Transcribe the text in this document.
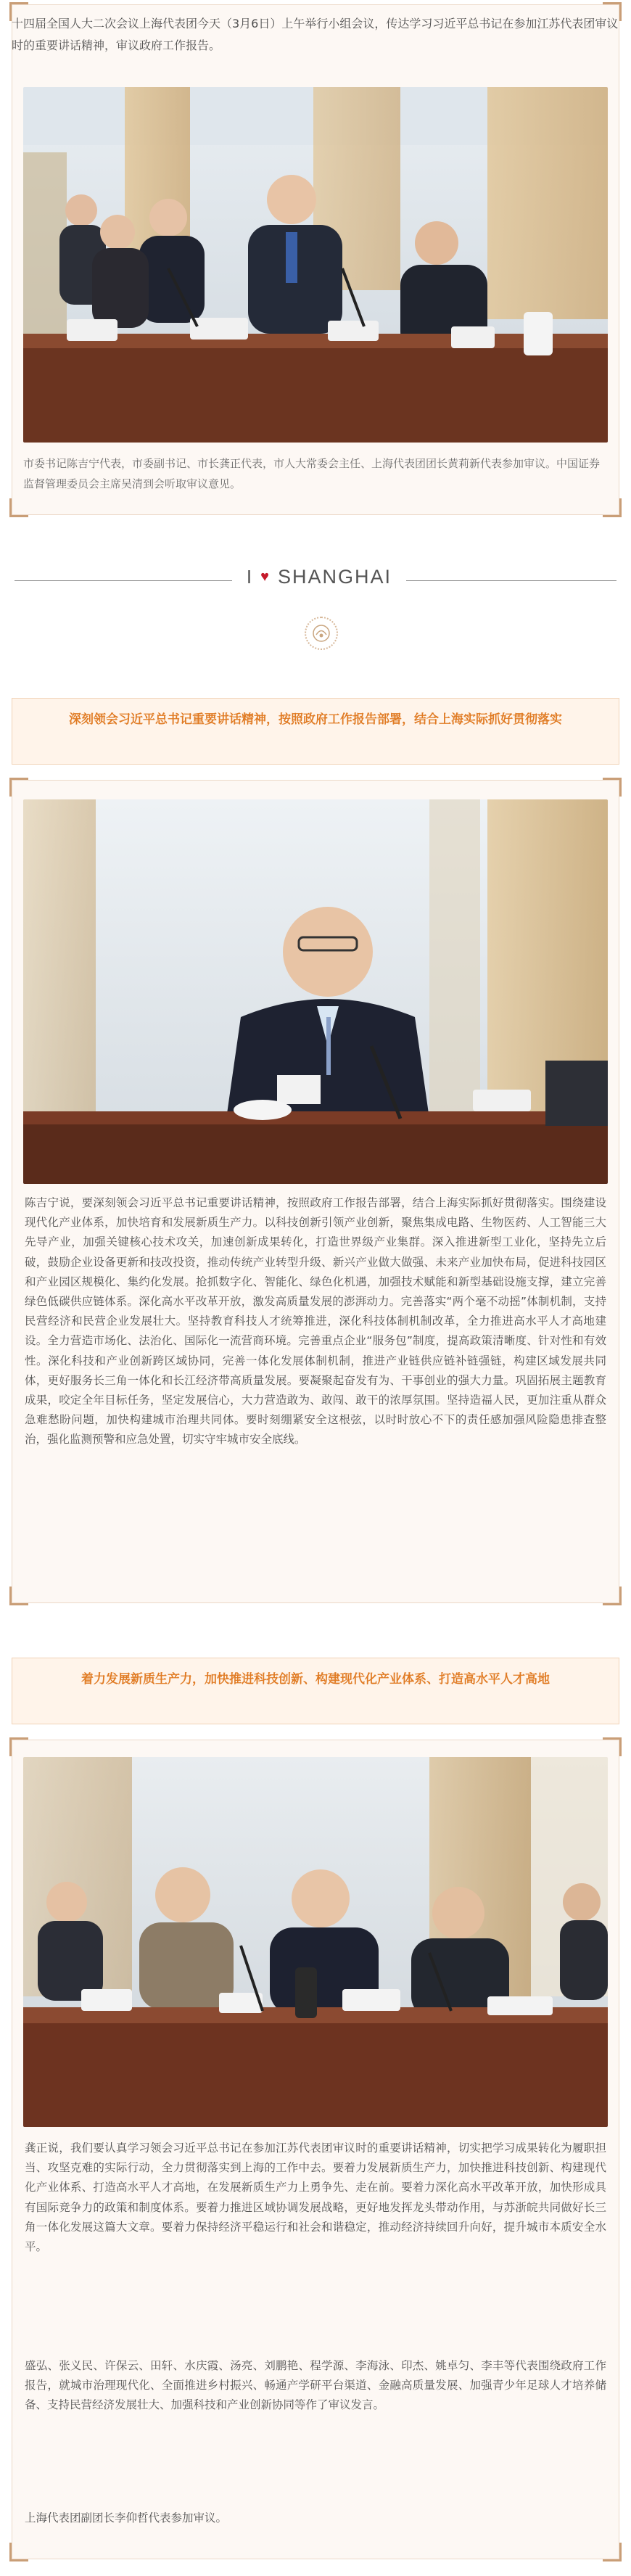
十四届全国人大二次会议上海代表团今天（3月6日）上午举行小组会议，传达学习习近平总书记在参加江苏代表团审议时的重要讲话精神，审议政府工作报告。
市委书记陈吉宁代表，市委副书记、市长龚正代表，市人大常委会主任、上海代表团团长黄莉新代表参加审议。中国证券监督管理委员会主席吴清到会听取审议意见。
I ♥ SHANGHAI
深刻领会习近平总书记重要讲话精神，按照政府工作报告部署，结合上海实际抓好贯彻落实
陈吉宁说，要深刻领会习近平总书记重要讲话精神，按照政府工作报告部署，结合上海实际抓好贯彻落实。围绕建设现代化产业体系，加快培育和发展新质生产力。以科技创新引领产业创新，聚焦集成电路、生物医药、人工智能三大先导产业，加强关键核心技术攻关，加速创新成果转化，打造世界级产业集群。深入推进新型工业化，坚持先立后破，鼓励企业设备更新和技改投资，推动传统产业转型升级、新兴产业做大做强、未来产业加快布局，促进科技园区和产业园区规模化、集约化发展。抢抓数字化、智能化、绿色化机遇，加强技术赋能和新型基础设施支撑，建立完善绿色低碳供应链体系。深化高水平改革开放，激发高质量发展的澎湃动力。完善落实“两个毫不动摇”体制机制，支持民营经济和民营企业发展壮大。坚持教育科技人才统筹推进，深化科技体制机制改革，全力推进高水平人才高地建设。全力营造市场化、法治化、国际化一流营商环境。完善重点企业“服务包”制度，提高政策清晰度、针对性和有效性。深化科技和产业创新跨区域协同，完善一体化发展体制机制，推进产业链供应链补链强链，构建区域发展共同体，更好服务长三角一体化和长江经济带高质量发展。要凝聚起奋发有为、干事创业的强大力量。巩固拓展主题教育成果，咬定全年目标任务，坚定发展信心，大力营造敢为、敢闯、敢干的浓厚氛围。坚持造福人民，更加注重从群众急难愁盼问题，加快构建城市治理共同体。要时刻绷紧安全这根弦，以时时放心不下的责任感加强风险隐患排查整治，强化监测预警和应急处置，切实守牢城市安全底线。
着力发展新质生产力，加快推进科技创新、构建现代化产业体系、打造高水平人才高地
龚正说，我们要认真学习领会习近平总书记在参加江苏代表团审议时的重要讲话精神，切实把学习成果转化为履职担当、攻坚克难的实际行动，全力贯彻落实到上海的工作中去。要着力发展新质生产力，加快推进科技创新、构建现代化产业体系、打造高水平人才高地，在发展新质生产力上勇争先、走在前。要着力深化高水平改革开放，加快形成具有国际竞争力的政策和制度体系。要着力推进区域协调发展战略，更好地发挥龙头带动作用，与苏浙皖共同做好长三角一体化发展这篇大文章。要着力保持经济平稳运行和社会和谐稳定，推动经济持续回升向好，提升城市本质安全水平。
盛弘、张义民、许保云、田轩、水庆霞、汤亮、刘鹏艳、程学源、李海泳、印杰、姚卓匀、李丰等代表围绕政府工作报告，就城市治理现代化、全面推进乡村振兴、畅通产学研平台渠道、金融高质量发展、加强青少年足球人才培养储备、支持民营经济发展壮大、加强科技和产业创新协同等作了审议发言。
上海代表团副团长李仰哲代表参加审议。
